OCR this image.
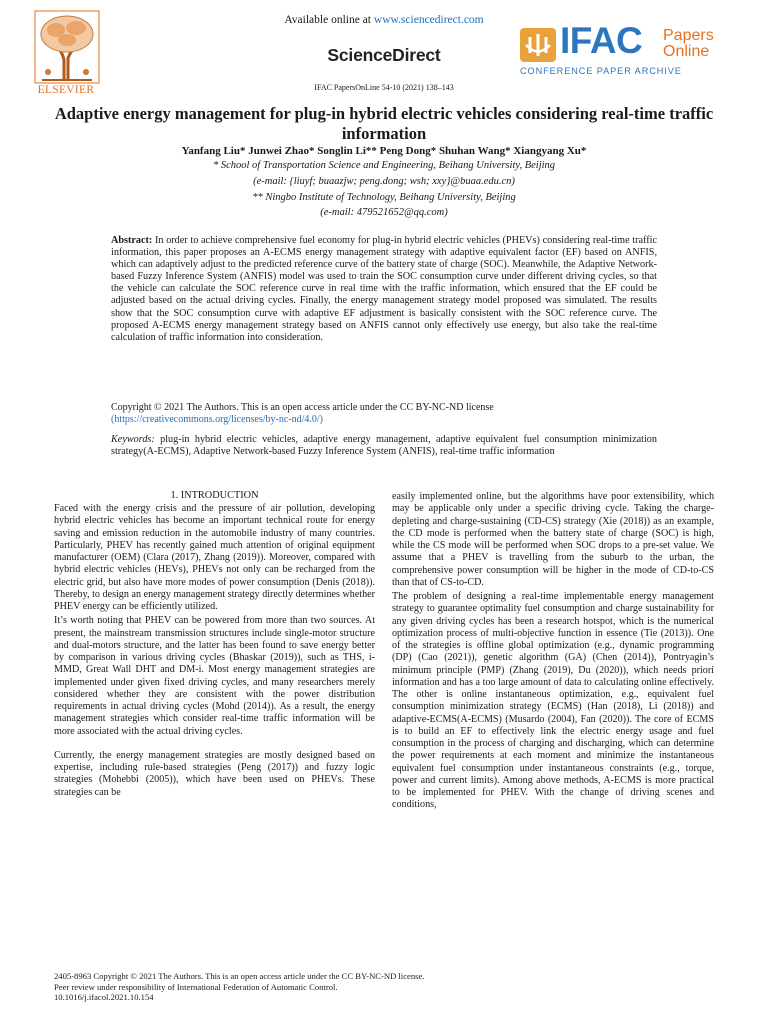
ELSEVIER
Available online at www.sciencedirect.com
ScienceDirect
IFAC PapersOnLine 54-10 (2021) 138–143
IFAC Papers
Online
CONFERENCE PAPER ARCHIVE
Adaptive energy management for plug-in hybrid electric vehicles considering real-time traffic information
Yanfang Liu* Junwei Zhao* Songlin Li** Peng Dong* Shuhan Wang* Xiangyang Xu*
* School of Transportation Science and Engineering, Beihang University, Beijing
(e-mail: {liuyf; buaazjw; peng.dong; wsh; xxy}@buaa.edu.cn)
** Ningbo Institute of Technology, Beihang University, Beijing
(e-mail: 479521652@qq.com)
Abstract: In order to achieve comprehensive fuel economy for plug-in hybrid electric vehicles (PHEVs) considering real-time traffic information, this paper proposes an A-ECMS energy management strategy with adaptive equivalent factor (EF) based on ANFIS, which can adaptively adjust to the predicted reference curve of the battery state of charge (SOC). Meanwhile, the Adaptive Network-based Fuzzy Inference System (ANFIS) model was used to train the SOC consumption curve under different driving cycles, so that the vehicle can calculate the SOC reference curve in real time with the traffic information, which ensured that the EF could be adjusted based on the actual driving cycles. Finally, the energy management strategy model proposed was simulated. The results show that the SOC consumption curve with adaptive EF adjustment is basically consistent with the SOC reference curve. The proposed A-ECMS energy management strategy based on ANFIS cannot only effectively use energy, but also take the real-time calculation of traffic information into consideration.
Copyright © 2021 The Authors. This is an open access article under the CC BY-NC-ND license
(https://creativecommons.org/licenses/by-nc-nd/4.0/)
Keywords: plug-in hybrid electric vehicles, adaptive energy management, adaptive equivalent fuel consumption minimization strategy(A-ECMS), Adaptive Network-based Fuzzy Inference System (ANFIS), real-time traffic information
1. INTRODUCTION

Faced with the energy crisis and the pressure of air pollution, developing hybrid electric vehicles has become an important technical route for energy saving and emission reduction in the automobile industry of many countries. Particularly, PHEV has recently gained much attention of original equipment manufacturer (OEM) (Clara (2017), Zhang (2019)). Moreover, compared with hybrid electric vehicles (HEVs), PHEVs not only can be recharged from the electric grid, but also have more modes of power consumption (Denis (2018)). Thereby, to design an energy management strategy directly determines whether PHEV energy can be efficiently utilized.

It’s worth noting that PHEV can be powered from more than two sources. At present, the mainstream transmission structures include single-motor structure and dual-motors structure, and the latter has been found to save energy better by comparison in various driving cycles (Bhaskar (2019)), such as THS, i-MMD, Great Wall DHT and DM-i. Most energy management strategies are implemented under given fixed driving cycles, and many researchers merely considered whether they are consistent with the power distribution requirements in actual driving cycles (Mohd (2014)). As a result, the energy management strategies which consider real-time traffic information will be more associated with the actual driving cycles.

Currently, the energy management strategies are mostly designed based on expertise, including rule-based strategies (Peng (2017)) and fuzzy logic strategies (Mohebbi (2005)), which have been used on PHEVs. These strategies can be

easily implemented online, but the algorithms have poor extensibility, which may be applicable only under a specific driving cycle. Taking the charge-depleting and charge-sustaining (CD-CS) strategy (Xie (2018)) as an example, the CD mode is performed when the battery state of charge (SOC) is high, while the CS mode will be performed when SOC drops to a pre-set value. We assume that a PHEV is travelling from the suburb to the urban, the comprehensive power consumption will be higher in the mode of CD-to-CS than that of CS-to-CD.

The problem of designing a real-time implementable energy management strategy to guarantee optimality fuel consumption and charge sustainability for any given driving cycles has been a research hotspot, which is the numerical optimization process of multi-objective function in essence (Tie (2013)). One of the strategies is offline global optimization (e.g., dynamic programming (DP) (Cao (2021)), genetic algorithm (GA) (Chen (2014)), Pontryagin’s minimum principle (PMP) (Zhang (2019), Du (2020)), which needs priori information and has a too large amount of data to calculating online effectively. The other is online instantaneous optimization, e.g., equivalent fuel consumption minimization strategy (ECMS) (Han (2018), Li (2018)) and adaptive-ECMS(A-ECMS) (Musardo (2004), Fan (2020)). The core of ECMS is to build an EF to effectively link the electric energy usage and fuel consumption in the process of charging and discharging, which can determine the power requirements at each moment and minimize the instantaneous equivalent fuel consumption under instantaneous constraints (e.g., torque, power and current limits). Among above methods, A-ECMS is more practical to be implemented for PHEV. With the change of driving scenes and conditions,

2405-8963 Copyright © 2021 The Authors. This is an open access article under the CC BY-NC-ND license.
Peer review under responsibility of International Federation of Automatic Control.
10.1016/j.ifacol.2021.10.154
